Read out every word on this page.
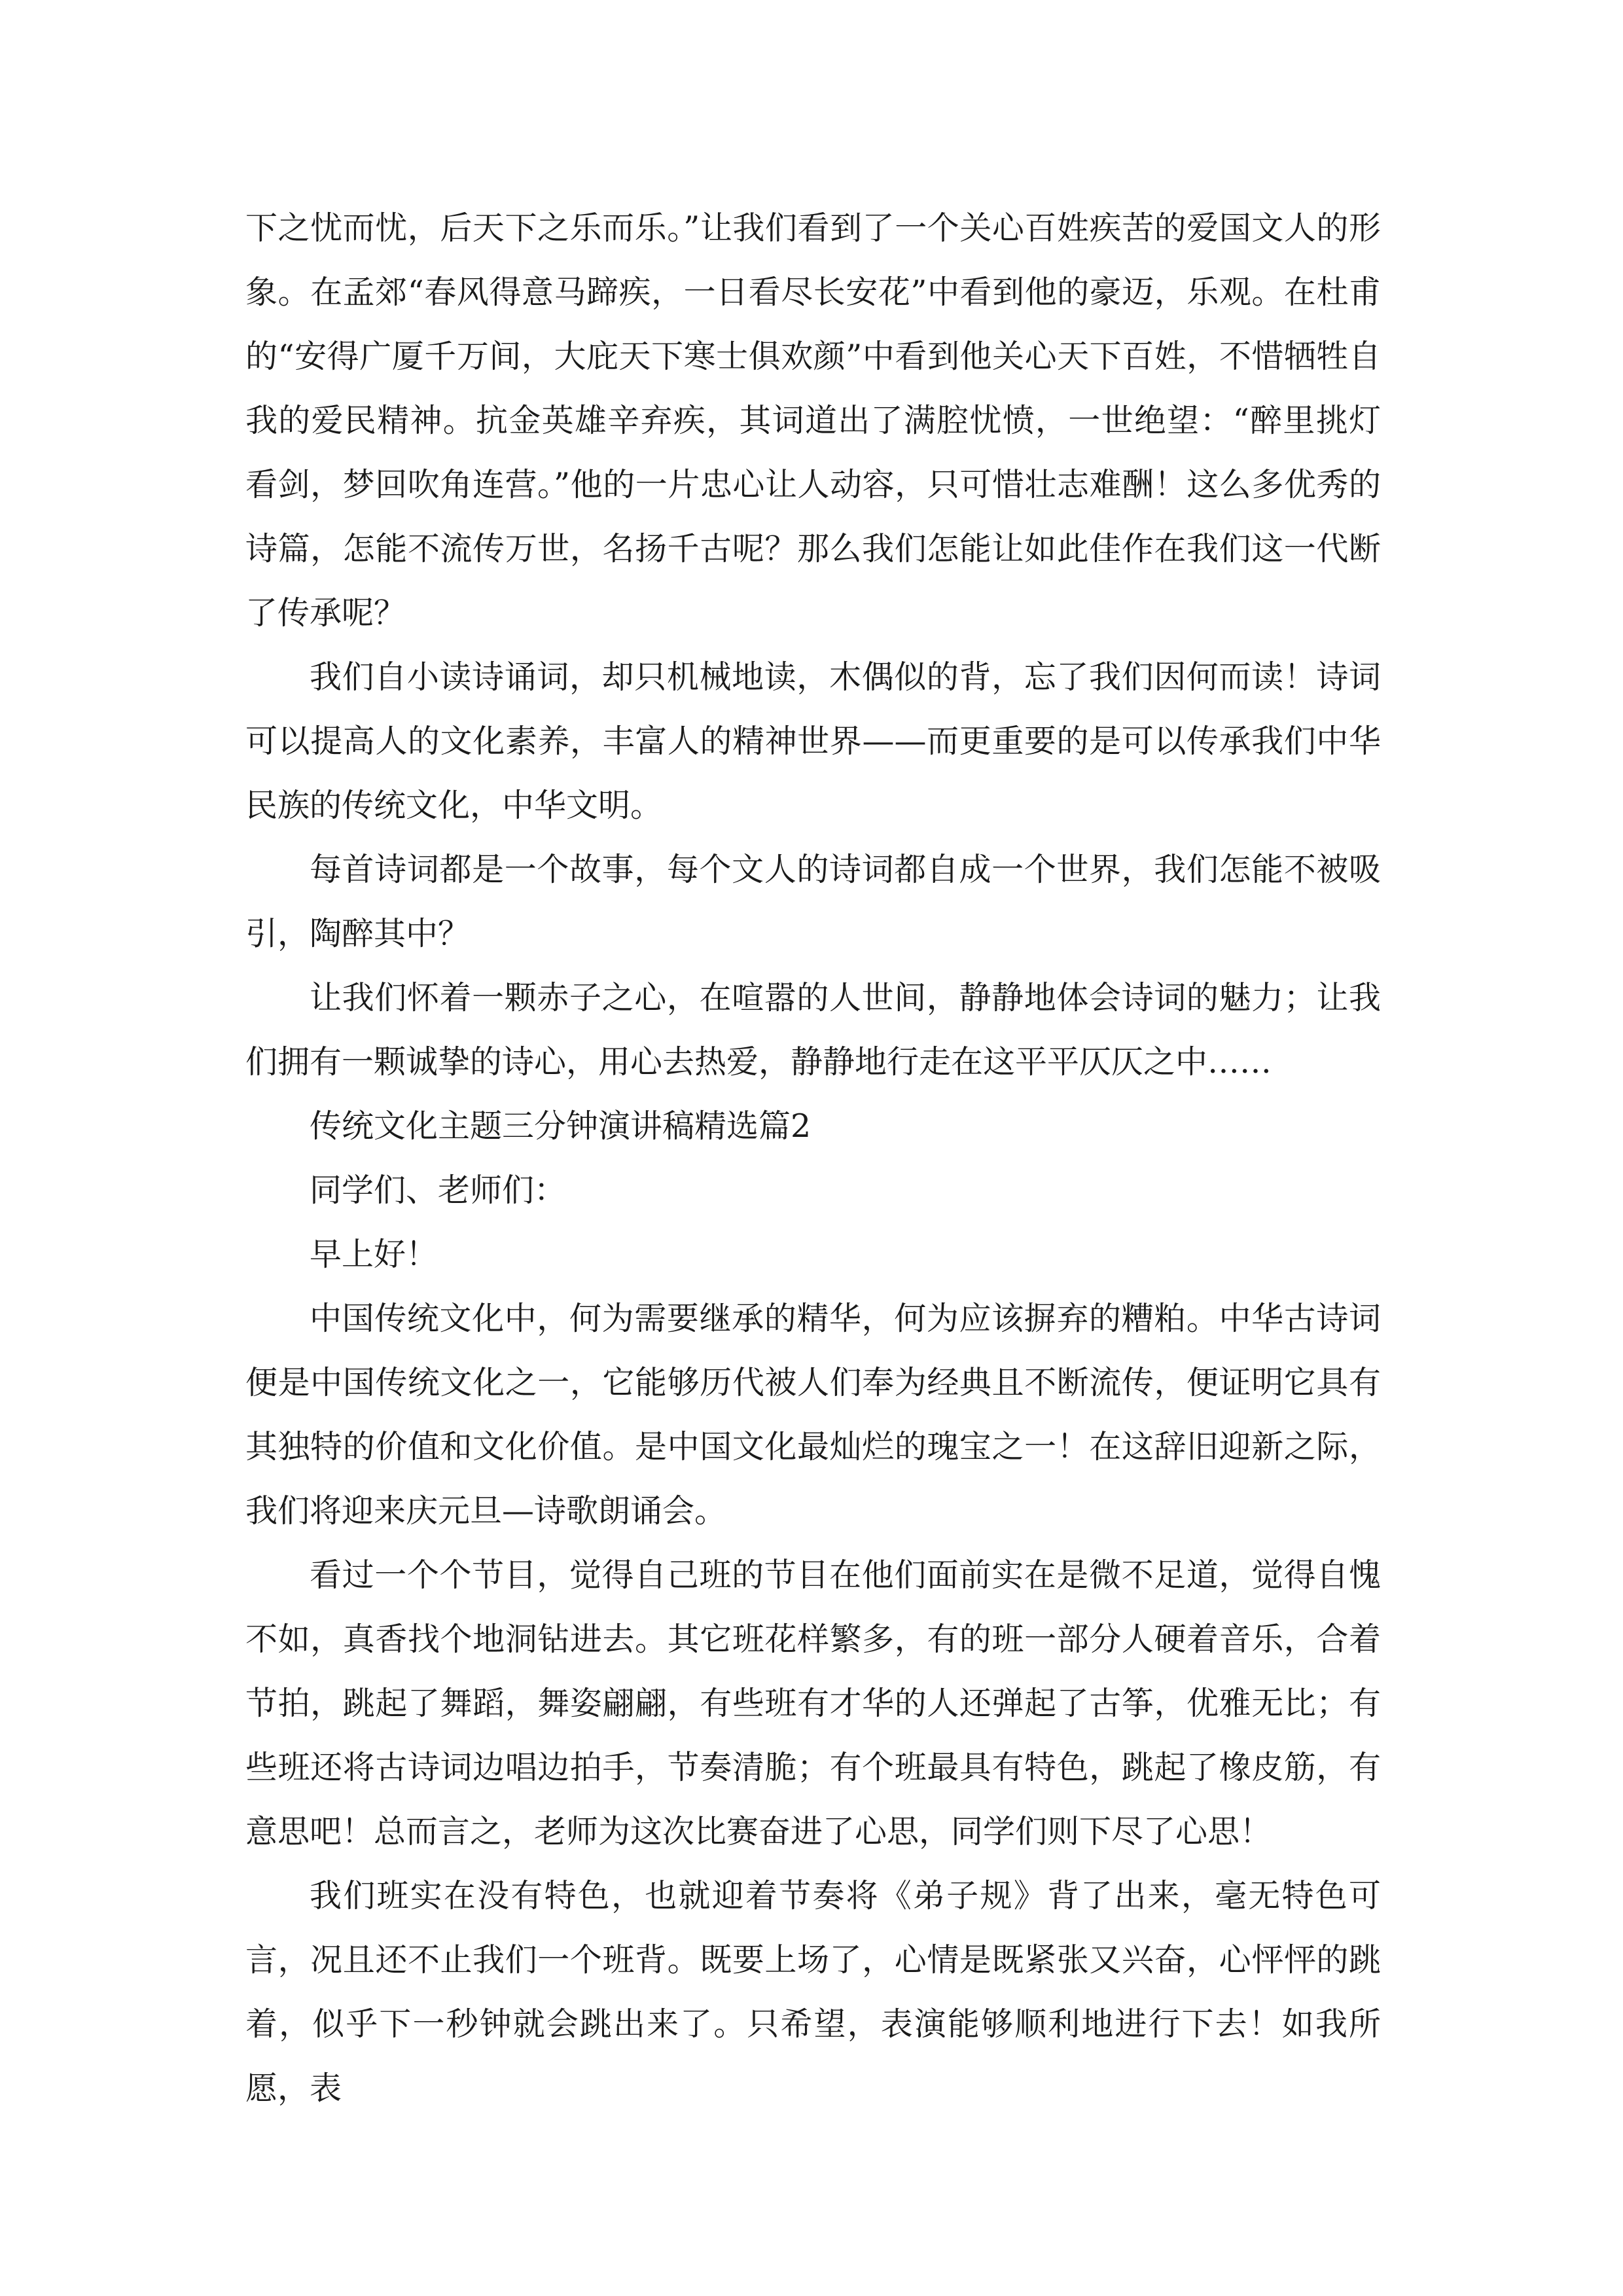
下之忧而忧，后天下之乐而乐。”让我们看到了一个关心百姓疾苦的爱国文人的形象。在孟郊“春风得意马蹄疾，一日看尽长安花”中看到他的豪迈，乐观。在杜甫的“安得广厦千万间，大庇天下寒士俱欢颜”中看到他关心天下百姓，不惜牺牲自我的爱民精神。抗金英雄辛弃疾，其词道出了满腔忧愤，一世绝望：“醉里挑灯看剑，梦回吹角连营。”他的一片忠心让人动容，只可惜壮志难酬！这么多优秀的诗篇，怎能不流传万世，名扬千古呢？那么我们怎能让如此佳作在我们这一代断了传承呢？

我们自小读诗诵词，却只机械地读，木偶似的背，忘了我们因何而读！诗词可以提高人的文化素养，丰富人的精神世界——而更重要的是可以传承我们中华民族的传统文化，中华文明。

每首诗词都是一个故事，每个文人的诗词都自成一个世界，我们怎能不被吸引，陶醉其中？

让我们怀着一颗赤子之心，在喧嚣的人世间，静静地体会诗词的魅力；让我们拥有一颗诚挚的诗心，用心去热爱，静静地行走在这平平仄仄之中……

传统文化主题三分钟演讲稿精选篇2

同学们、老师们：

早上好！

中国传统文化中，何为需要继承的精华，何为应该摒弃的糟粕。中华古诗词便是中国传统文化之一，它能够历代被人们奉为经典且不断流传，便证明它具有其独特的价值和文化价值。是中国文化最灿烂的瑰宝之一！在这辞旧迎新之际，我们将迎来庆元旦—诗歌朗诵会。

看过一个个节目，觉得自己班的节目在他们面前实在是微不足道，觉得自愧不如，真香找个地洞钻进去。其它班花样繁多，有的班一部分人硬着音乐，合着节拍，跳起了舞蹈，舞姿翩翩，有些班有才华的人还弹起了古筝，优雅无比；有些班还将古诗词边唱边拍手，节奏清脆；有个班最具有特色，跳起了橡皮筋，有意思吧！总而言之，老师为这次比赛奋进了心思，同学们则下尽了心思！

我们班实在没有特色，也就迎着节奏将《弟子规》背了出来，毫无特色可言，况且还不止我们一个班背。既要上场了，心情是既紧张又兴奋，心怦怦的跳着，似乎下一秒钟就会跳出来了。只希望，表演能够顺利地进行下去！如我所愿，表
